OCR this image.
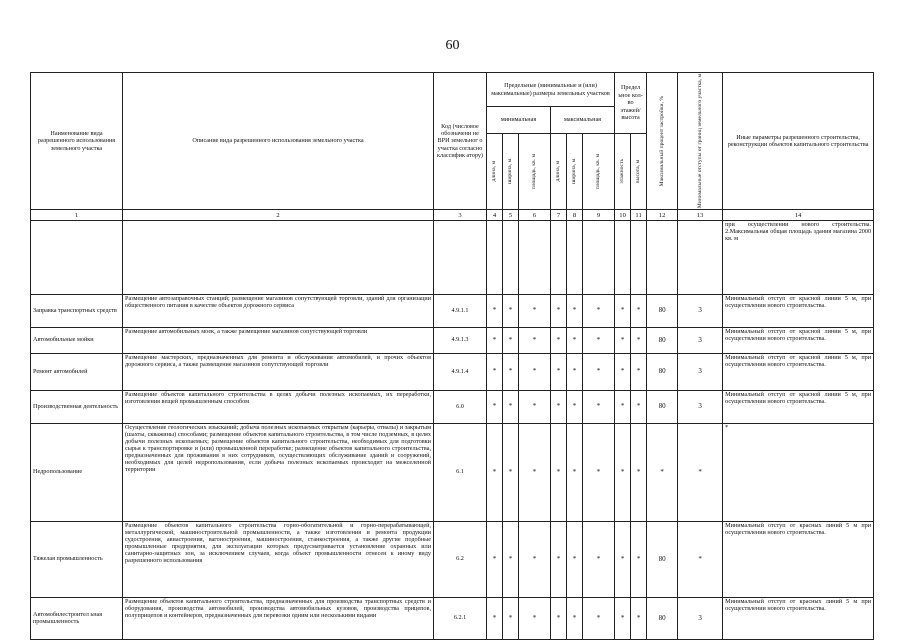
60
Наименование вида разрешенного использования земельного участка	Описание вида разрешенного использования земельного участка	Код (числовое обозначени не ВРИ земельног о участка согласно классифик атору)	Предельные (минимальные и (или) максимальные) размеры земельных участков						Предел ьное кол-во этажей/ высота		Максимальный процент застройки, %	Минимальные отступы от границ земельного участка, м	Иные параметры разрешенного строительства, реконструкции объектов капитального строительства
			минимальная			максимальная							

			длина, м	ширина, м	площадь, кв. м	длина, м	ширина, м	площадь, кв. м	этажность	высота, м			

1	2	3	4	5	6	7	8	9	10	11	12	13	14
													при осуществлении нового строительства. 2.Максимальная общая площадь здания магазина 2000 кв. м
Заправка транспортных средств	Размещение автозаправочных станций; размещение магазинов сопутствующей торговли, зданий для организации общественного питания в качестве объектов дорожного сервиса	4.9.1.1	*	*	*	*	*	*	*	*	80	3	Минимальный отступ от красной линии 5 м, при осуществлении нового строительства.
Автомобильные мойки	Размещение автомобильных моек, а также размещение магазинов сопутствующей торговли	4.9.1.3	*	*	*	*	*	*	*	*	80	3	Минимальный отступ от красной линии 5 м, при осуществлении нового строительства.
Ремонт автомобилей	Размещение мастерских, предназначенных для ремонта и обслуживания автомобилей, и прочих объектов дорожного сервиса, а также размещение магазинов сопутствующей торговли	4.9.1.4	*	*	*	*	*	*	*	*	80	3	Минимальный отступ от красной линии 5 м, при осуществлении нового строительства.
Производственная деятельность	Размещение объектов капитального строительства в целях добычи полезных ископаемых, их переработки, изготовления вещей промышленным способом	6.0	*	*	*	*	*	*	*	*	80	3	Минимальный отступ от красной линии 5 м, при осуществлении нового строительства.
Недропользование	Осуществление геологических изысканий; добыча полезных ископаемых открытым (карьеры, отвалы) и закрытым (шахты, скважины) способами; размещение объектов капитального строительства, в том числе подземных, в целях добычи полезных ископаемых; размещение объектов капитального строительства, необходимых для подготовки сырья к транспортировке и (или) промышленной переработке; размещение объектов капитального строительства, предназначенных для проживания в них сотрудников, осуществляющих обслуживание зданий и сооружений, необходимых для целей недропользования, если добыча полезных ископаемых происходит на межселенной территории	6.1	*	*	*	*	*	*	*	*	*	*	*
Тяжелая промышленность	Размещение объектов капитального строительства горно-обогатительной и горно-перерабатывающей, металлургической, машиностроительной промышленности, а также изготовления и ремонта продукции судостроения, авиастроения, вагоностроения, машиностроения, станкостроения, а также другие подобные промышленные предприятия, для эксплуатации которых предусматривается установление охранных или санитарно-защитных зон, за исключением случаев, когда объект промышленности отнесен к иному виду разрешенного использования	6.2	*	*	*	*	*	*	*	*	80	*	Минимальный отступ от красных линий 5 м при осуществлении нового строительства.
Автомобилестроител ьная промышленность	Размещение объектов капитального строительства, предназначенных для производства транспортных средств и оборудования, производства автомобилей, производства автомобильных кузовов, производства прицепов, полуприцепов и контейнеров, предназначенных для перевозки одним или несколькими видами	6.2.1	*	*	*	*	*	*	*	*	80	3	Минимальный отступ от красных линий 5 м при осуществлении нового строительства.
